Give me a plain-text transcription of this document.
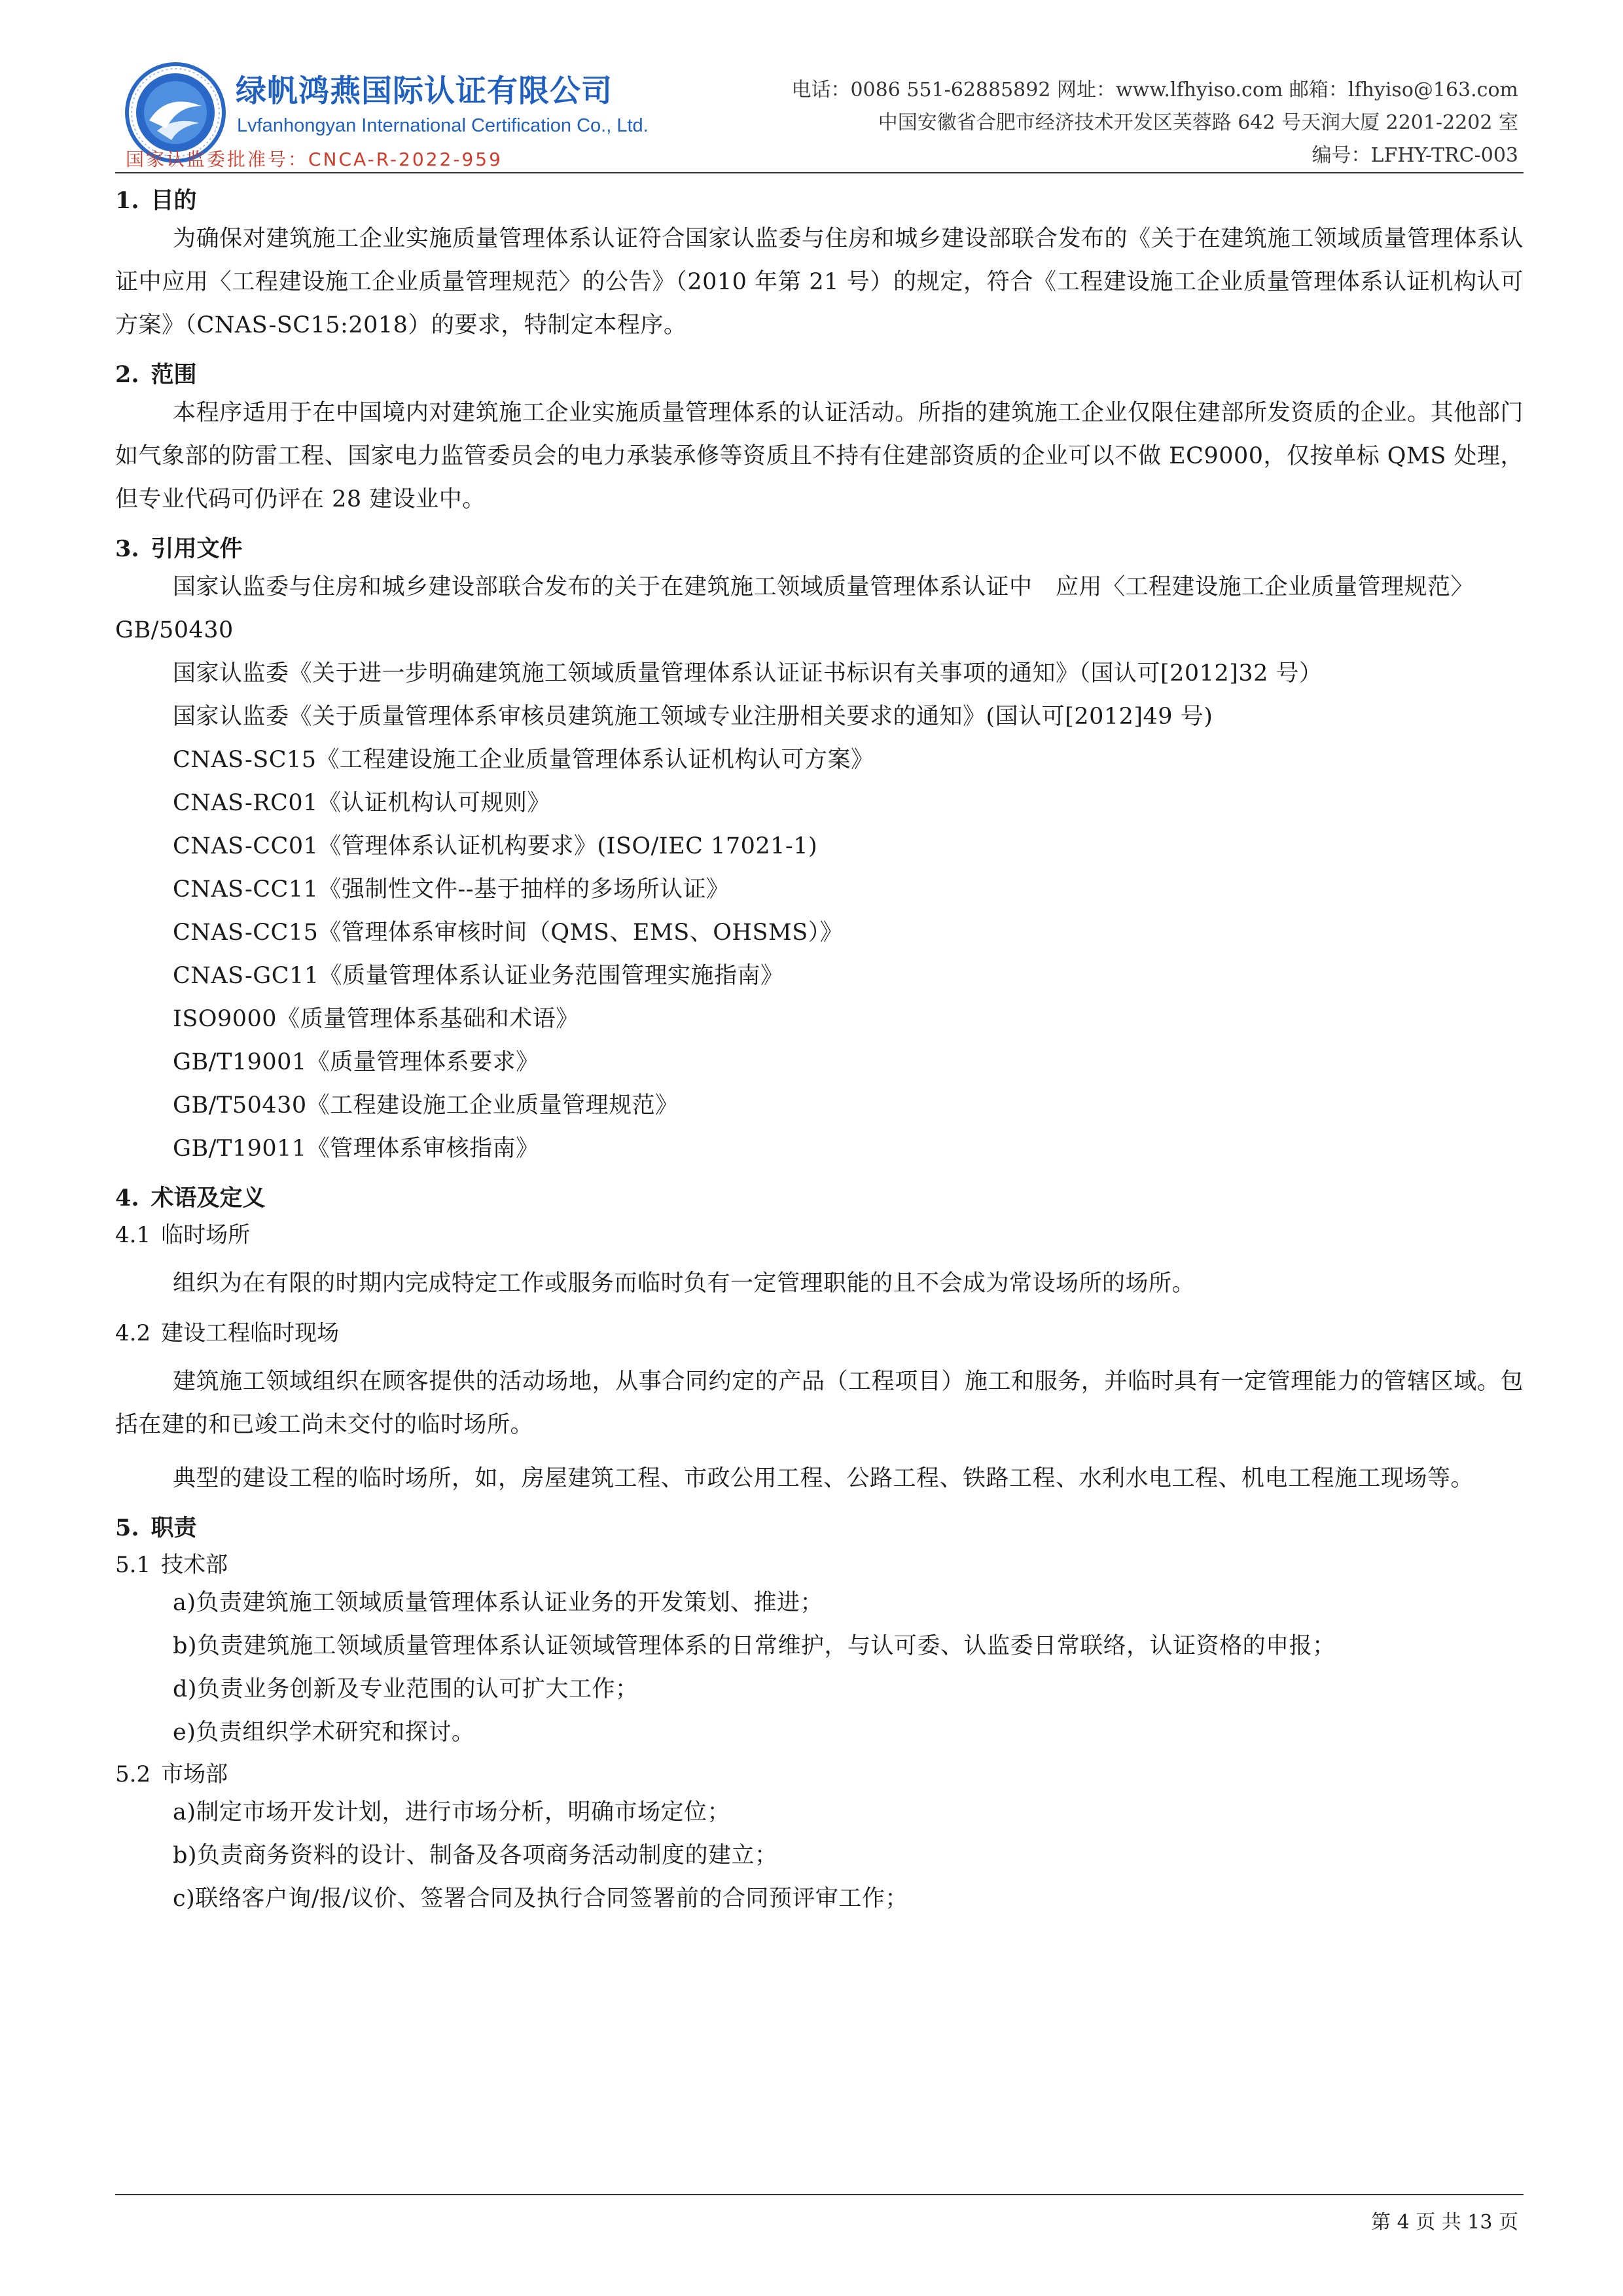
绿帆鸿燕国际认证有限公司
Lvfanhongyan International Certification Co., Ltd.
国家认监委批准号：CNCA-R-2022-959
电话：0086 551-62885892 网址：www.lfhyiso.com 邮箱：lfhyiso@163.com
中国安徽省合肥市经济技术开发区芙蓉路 642 号天润大厦 2201-2202 室
编号：LFHY-TRC-003
1. 目的

为确保对建筑施工企业实施质量管理体系认证符合国家认监委与住房和城乡建设部联合发布的《关于在建筑施工领域质量管理体系认证中应用〈工程建设施工企业质量管理规范〉的公告》（2010 年第 21 号）的规定，符合《工程建设施工企业质量管理体系认证机构认可方案》（CNAS-SC15:2018）的要求，特制定本程序。

2. 范围

本程序适用于在中国境内对建筑施工企业实施质量管理体系的认证活动。所指的建筑施工企业仅限住建部所发资质的企业。其他部门如气象部的防雷工程、国家电力监管委员会的电力承装承修等资质且不持有住建部资质的企业可以不做 EC9000，仅按单标 QMS 处理，但专业代码可仍评在 28 建设业中。

3. 引用文件

国家认监委与住房和城乡建设部联合发布的关于在建筑施工领域质量管理体系认证中　应用〈工程建设施工企业质量管理规范〉GB/50430

国家认监委《关于进一步明确建筑施工领域质量管理体系认证证书标识有关事项的通知》（国认可[2012]32 号）

国家认监委《关于质量管理体系审核员建筑施工领域专业注册相关要求的通知》(国认可[2012]49 号)

CNAS-SC15《工程建设施工企业质量管理体系认证机构认可方案》

CNAS-RC01《认证机构认可规则》

CNAS-CC01《管理体系认证机构要求》(ISO/IEC 17021-1)

CNAS-CC11《强制性文件--基于抽样的多场所认证》

CNAS-CC15《管理体系审核时间（QMS、EMS、OHSMS）》

CNAS-GC11《质量管理体系认证业务范围管理实施指南》

ISO9000《质量管理体系基础和术语》

GB/T19001《质量管理体系要求》

GB/T50430《工程建设施工企业质量管理规范》

GB/T19011《管理体系审核指南》

4. 术语及定义
4.1 临时场所

组织为在有限的时期内完成特定工作或服务而临时负有一定管理职能的且不会成为常设场所的场所。

4.2 建设工程临时现场

建筑施工领域组织在顾客提供的活动场地，从事合同约定的产品（工程项目）施工和服务，并临时具有一定管理能力的管辖区域。包括在建的和已竣工尚未交付的临时场所。

典型的建设工程的临时场所，如，房屋建筑工程、市政公用工程、公路工程、铁路工程、水利水电工程、机电工程施工现场等。

5. 职责
5.1 技术部

a)负责建筑施工领域质量管理体系认证业务的开发策划、推进；

b)负责建筑施工领域质量管理体系认证领域管理体系的日常维护，与认可委、认监委日常联络，认证资格的申报；

d)负责业务创新及专业范围的认可扩大工作；

e)负责组织学术研究和探讨。

5.2 市场部

a)制定市场开发计划，进行市场分析，明确市场定位；

b)负责商务资料的设计、制备及各项商务活动制度的建立；

c)联络客户询/报/议价、签署合同及执行合同签署前的合同预评审工作；

第 4 页 共 13 页
